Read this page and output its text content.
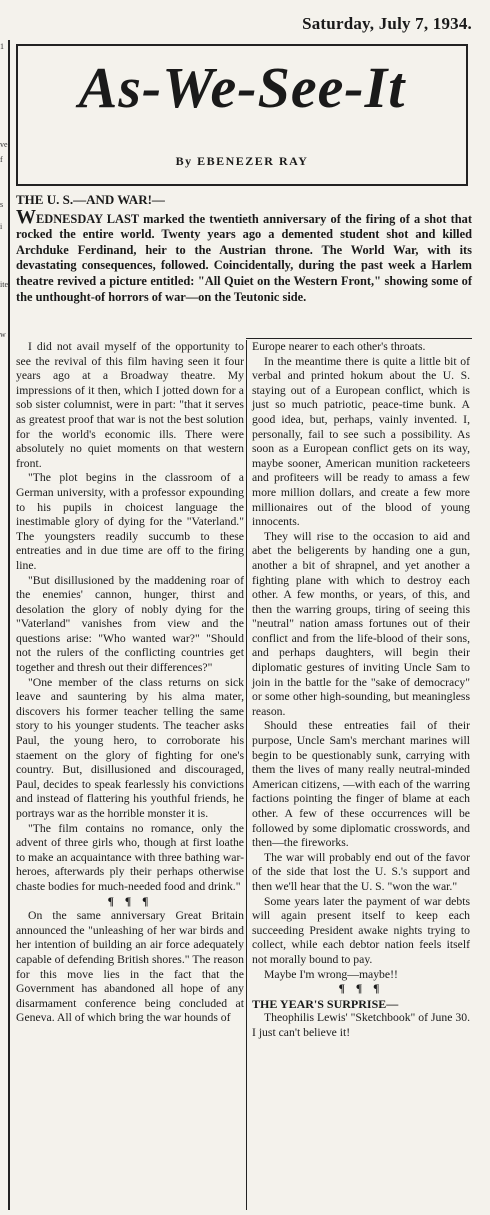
Saturday, July 7, 1934.
1
ve
f
s
i
ite
w
As-We-See-It
By EBENEZER RAY
THE U. S.—AND WAR!—
WEDNESDAY LAST marked the twentieth anniversary of the firing of a shot that rocked the entire world. Twenty years ago a demented student shot and killed Archduke Ferdinand, heir to the Austrian throne. The World War, with its devastating consequences, followed. Coincidentally, during the past week a Harlem theatre revived a picture entitled: "All Quiet on the Western Front," showing some of the unthought-of horrors of war—on the Teutonic side.

I did not avail myself of the opportunity to see the revival of this film having seen it four years ago at a Broadway theatre. My impressions of it then, which I jotted down for a sob sister columnist, were in part: "that it serves as greatest proof that war is not the best solution for the world's economic ills. There were absolutely no quiet moments on that western front.

"The plot begins in the classroom of a German university, with a professor expounding to his pupils in choicest language the inestimable glory of dying for the "Vaterland." The youngsters readily succumb to these entreaties and in due time are off to the firing line.

"But disillusioned by the maddening roar of the enemies' cannon, hunger, thirst and desolation the glory of nobly dying for the "Vaterland" vanishes from view and the questions arise: "Who wanted war?" "Should not the rulers of the conflicting countries get together and thresh out their differences?"

"One member of the class returns on sick leave and sauntering by his alma mater, discovers his former teacher telling the same story to his younger students. The teacher asks Paul, the young hero, to corroborate his staement on the glory of fighting for one's country. But, disillusioned and discouraged, Paul, decides to speak fearlessly his convictions and instead of flattering his youthful friends, he portrays war as the horrible monster it is.

"The film contains no romance, only the advent of three girls who, though at first loathe to make an acquaintance with three bathing war-heroes, afterwards ply their perhaps otherwise chaste bodies for much-needed food and drink."

¶ ¶ ¶

On the same anniversary Great Britain announced the "unleashing of her war birds and her intention of building an air force adequately capable of defending British shores." The reason for this move lies in the fact that the Government has abandoned all hope of any disarmament conference being concluded at Geneva. All of which bring the war hounds of

Europe nearer to each other's throats.

In the meantime there is quite a little bit of verbal and printed hokum about the U. S. staying out of a European conflict, which is just so much patriotic, peace-time bunk. A good idea, but, perhaps, vainly invented. I, personally, fail to see such a possibility. As soon as a European conflict gets on its way, maybe sooner, American munition racketeers and profiteers will be ready to amass a few more million dollars, and create a few more millionaires out of the blood of young innocents.

They will rise to the occasion to aid and abet the beligerents by handing one a gun, another a bit of shrapnel, and yet another a fighting plane with which to destroy each other. A few months, or years, of this, and then the warring groups, tiring of seeing this "neutral" nation amass fortunes out of their conflict and from the life-blood of their sons, and perhaps daughters, will begin their diplomatic gestures of inviting Uncle Sam to join in the battle for the "sake of democracy" or some other high-sounding, but meaningless reason.

Should these entreaties fail of their purpose, Uncle Sam's merchant marines will begin to be questionably sunk, carrying with them the lives of many really neutral-minded American citizens, —with each of the warring factions pointing the finger of blame at each other. A few of these occurrences will be followed by some diplomatic crosswords, and then—the fireworks.

The war will probably end out of the favor of the side that lost the U. S.'s support and then we'll hear that the U. S. "won the war."

Some years later the payment of war debts will again present itself to keep each succeeding President awake nights trying to collect, while each debtor nation feels itself not morally bound to pay.

Maybe I'm wrong—maybe!!

¶ ¶ ¶

THE YEAR'S SURPRISE—

Theophilis Lewis' "Sketchbook" of June 30. I just can't believe it!
